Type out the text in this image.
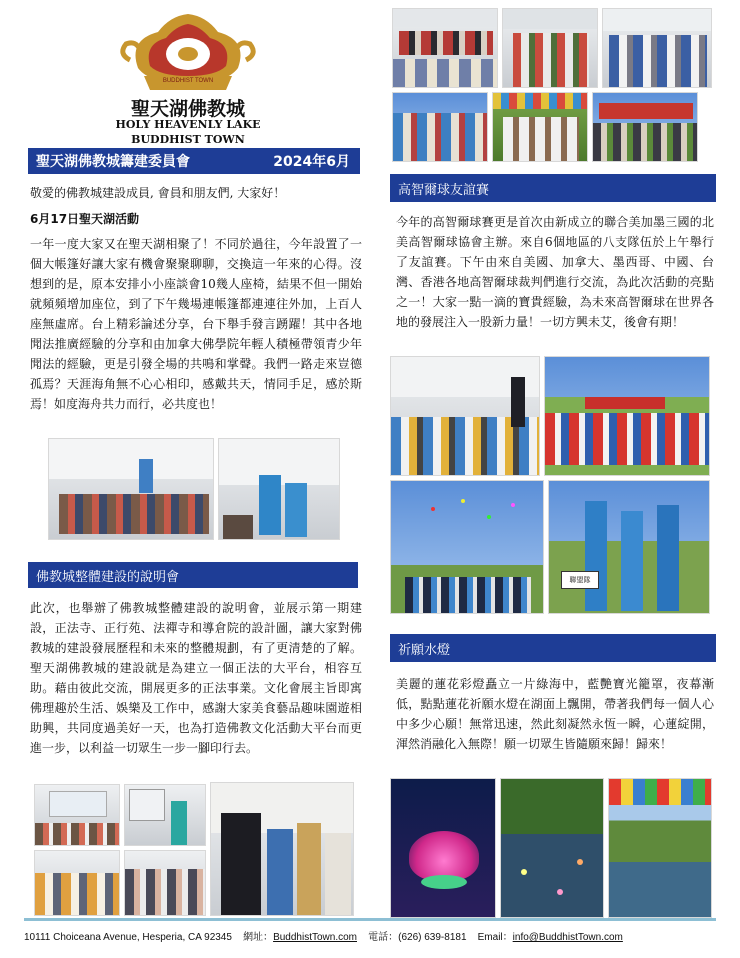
BUDDHIST TOWN
聖天湖佛教城
HOLY HEAVENLY LAKE
BUDDHIST TOWN
聖天湖佛教城籌建委員會	2024年6月
敬愛的佛教城建設成員, 會員和朋友們, 大家好！
6月17日聖天湖活動
一年一度大家又在聖天湖相聚了！不同於過往，今年設置了一個大帳篷好讓大家有機會聚聚聊聊，交換這一年來的心得。沒想到的是，原本安排小小座談會10幾人座椅，結果不但一開始就頻頻增加座位，到了下午幾場連帳篷都連連往外加，上百人座無虛席。台上精彩論述分享，台下舉手發言踴躍！其中各地聞法推廣經驗的分享和由加拿大佛學院年輕人積極帶領青少年聞法的經驗，更是引發全場的共鳴和掌聲。我們一路走來豈德孤焉？天涯海角無不心心相印，感戴共天，情同手足，感於斯焉！如度海舟共力而行，必共度也！
佛教城整體建設的說明會
此次，也舉辦了佛教城整體建設的說明會，並展示第一期建設，正法寺、正行苑、法禪寺和導倉院的設計圖，讓大家對佛教城的建設發展歷程和未來的整體規劃，有了更清楚的了解。聖天湖佛教城的建設就是為建立一個正法的大平台，相容互助。藉由彼此交流，開展更多的正法事業。文化會展主旨即寓佛理趣於生活、娛樂及工作中，感謝大家美食藝品趣味園遊相助興，共同度過美好一天，也為打造佛教文化活動大平台而更進一步，以利益一切眾生一步一腳印行去。
高智爾球友誼賽
今年的高智爾球賽更是首次由新成立的聯合美加墨三國的北美高智爾球協會主辦。來自6個地區的八支隊伍於上午舉行了友誼賽。下午由來自美國、加拿大、墨西哥、中國、台灣、香港各地高智爾球裁判們進行交流，為此次活動的亮點之一！大家一點一滴的寶貴經驗，為未來高智爾球在世界各地的發展注入一股新力量！一切方興未艾，後會有期！
聯盟隊
祈願水燈
美麗的蓮花彩燈矗立一片綠海中，藍艷寶光籠罩，夜幕漸低，點點蓮花祈願水燈在湖面上飄開，帶著我們每一個人心中多少心願！無常迅速，然此刻凝然永恆一瞬，心蓮綻開，渾然消融化入無際！願一切眾生皆隨願來歸！歸來！
10111 Choiceana Avenue, Hesperia, CA 92345 網址：BuddhistTown.com 電話：(626) 639-8181 Email：info@BuddhistTown.com
